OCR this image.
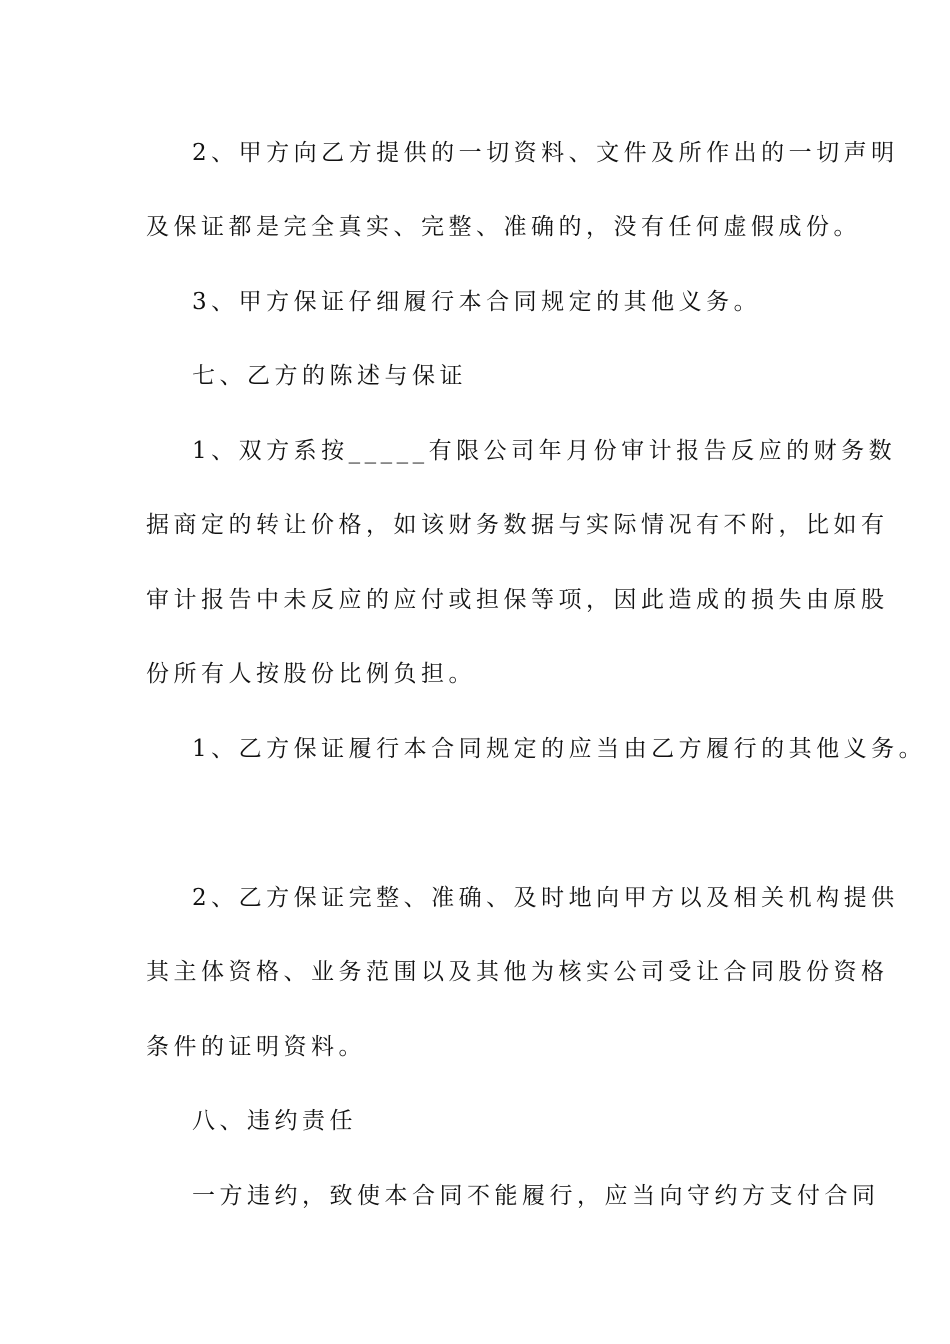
2、甲方向乙方提供的一切资料、文件及所作出的一切声明
及保证都是完全真实、完整、准确的，没有任何虚假成份。
3、甲方保证仔细履行本合同规定的其他义务。
七、乙方的陈述与保证
1、双方系按_____有限公司年月份审计报告反应的财务数
据商定的转让价格，如该财务数据与实际情况有不附，比如有
审计报告中未反应的应付或担保等项，因此造成的损失由原股
份所有人按股份比例负担。
1、乙方保证履行本合同规定的应当由乙方履行的其他义务。
2、乙方保证完整、准确、及时地向甲方以及相关机构提供
其主体资格、业务范围以及其他为核实公司受让合同股份资格
条件的证明资料。
八、违约责任
一方违约，致使本合同不能履行，应当向守约方支付合同
